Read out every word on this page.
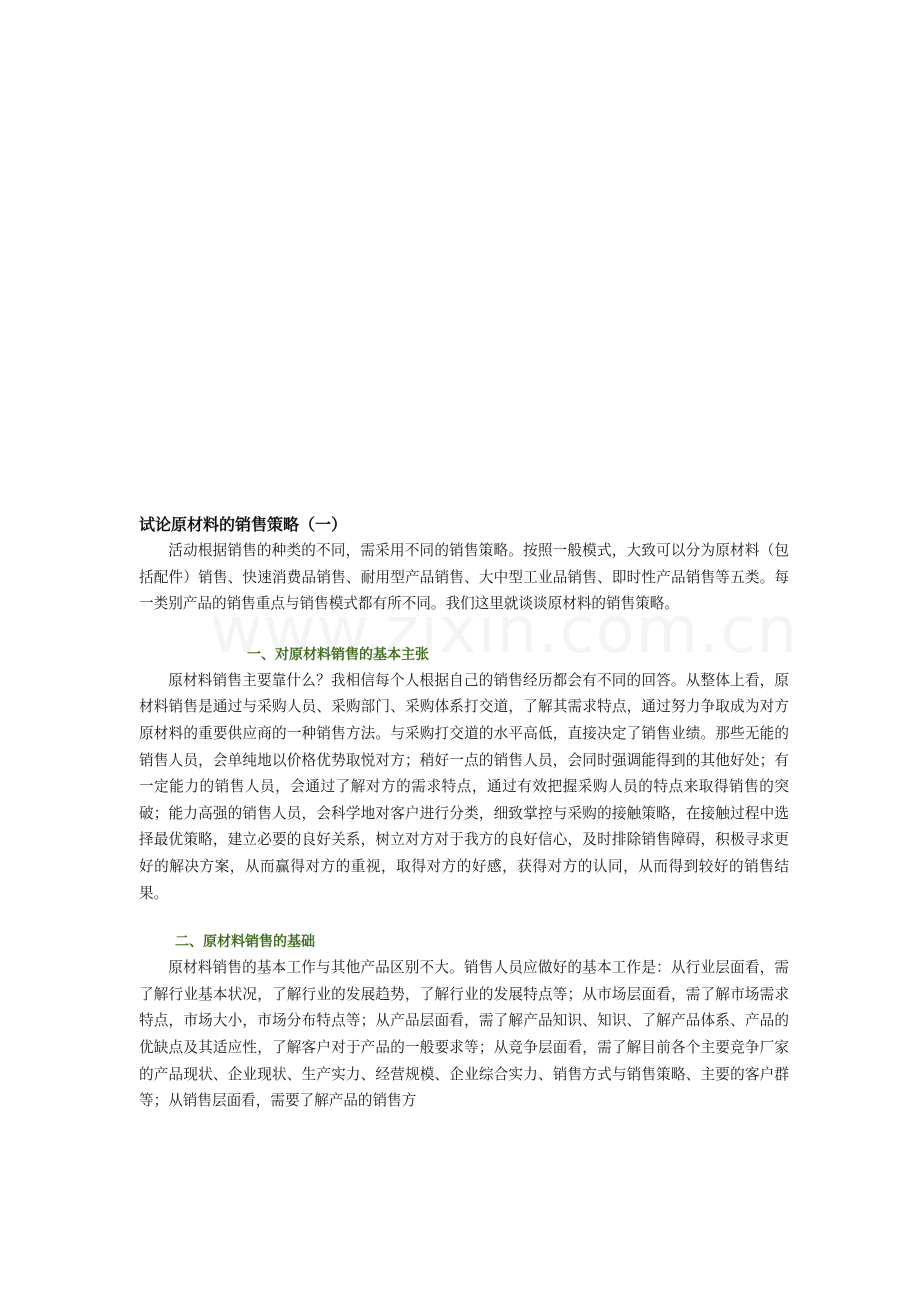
试论原材料的销售策略（一）

活动根据销售的种类的不同，需采用不同的销售策略。按照一般模式，大致可以分为原材料（包括配件）销售、快速消费品销售、耐用型产品销售、大中型工业品销售、即时性产品销售等五类。每一类别产品的销售重点与销售模式都有所不同。我们这里就谈谈原材料的销售策略。

一、对原材料销售的基本主张

原材料销售主要靠什么？我相信每个人根据自己的销售经历都会有不同的回答。从整体上看，原材料销售是通过与采购人员、采购部门、采购体系打交道，了解其需求特点，通过努力争取成为对方原材料的重要供应商的一种销售方法。与采购打交道的水平高低，直接决定了销售业绩。那些无能的销售人员，会单纯地以价格优势取悦对方；稍好一点的销售人员，会同时强调能得到的其他好处；有一定能力的销售人员，会通过了解对方的需求特点，通过有效把握采购人员的特点来取得销售的突破；能力高强的销售人员，会科学地对客户进行分类，细致掌控与采购的接触策略，在接触过程中选择最优策略，建立必要的良好关系，树立对方对于我方的良好信心，及时排除销售障碍，积极寻求更好的解决方案，从而赢得对方的重视，取得对方的好感，获得对方的认同，从而得到较好的销售结果。

二、原材料销售的基础

原材料销售的基本工作与其他产品区别不大。销售人员应做好的基本工作是：从行业层面看，需了解行业基本状况，了解行业的发展趋势，了解行业的发展特点等；从市场层面看，需了解市场需求特点，市场大小，市场分布特点等；从产品层面看，需了解产品知识、知识、了解产品体系、产品的优缺点及其适应性，了解客户对于产品的一般要求等；从竞争层面看，需了解目前各个主要竞争厂家的产品现状、企业现状、生产实力、经营规模、企业综合实力、销售方式与销售策略、主要的客户群等；从销售层面看，需要了解产品的销售方
